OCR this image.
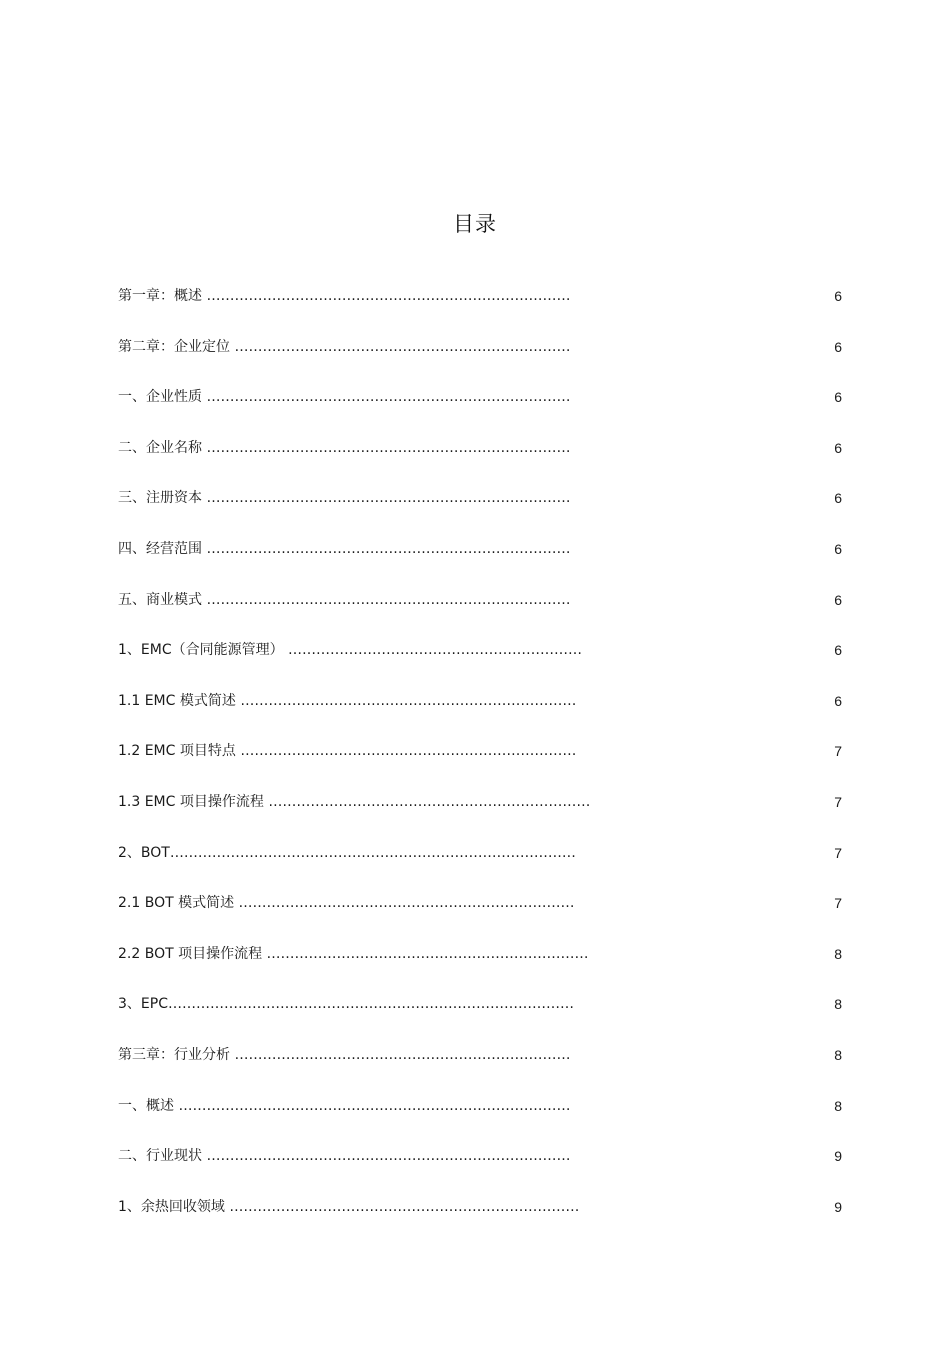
目录
第一章：概述 ……………………………………………………………………	6
第二章：企业定位 ………………………………………………………………	6
一、企业性质 ……………………………………………………………………	6
二、企业名称 ……………………………………………………………………	6
三、注册资本 ……………………………………………………………………	6
四、经营范围 ……………………………………………………………………	6
五、商业模式 ……………………………………………………………………	6
1、EMC（合同能源管理） ………………………………………………………	6
1.1 EMC 模式简述 ………………………………………………………………	6
1.2 EMC 项目特点 ………………………………………………………………	7
1.3 EMC 项目操作流程 ……………………………………………………………	7
2、BOT……………………………………………………………………………	7
2.1 BOT 模式简述 ………………………………………………………………	7
2.2 BOT 项目操作流程 ……………………………………………………………	8
3、EPC……………………………………………………………………………	8
第三章：行业分析 ………………………………………………………………	8
一、概述 …………………………………………………………………………	8
二、行业现状 ……………………………………………………………………	9
1、余热回收领域 …………………………………………………………………	9
